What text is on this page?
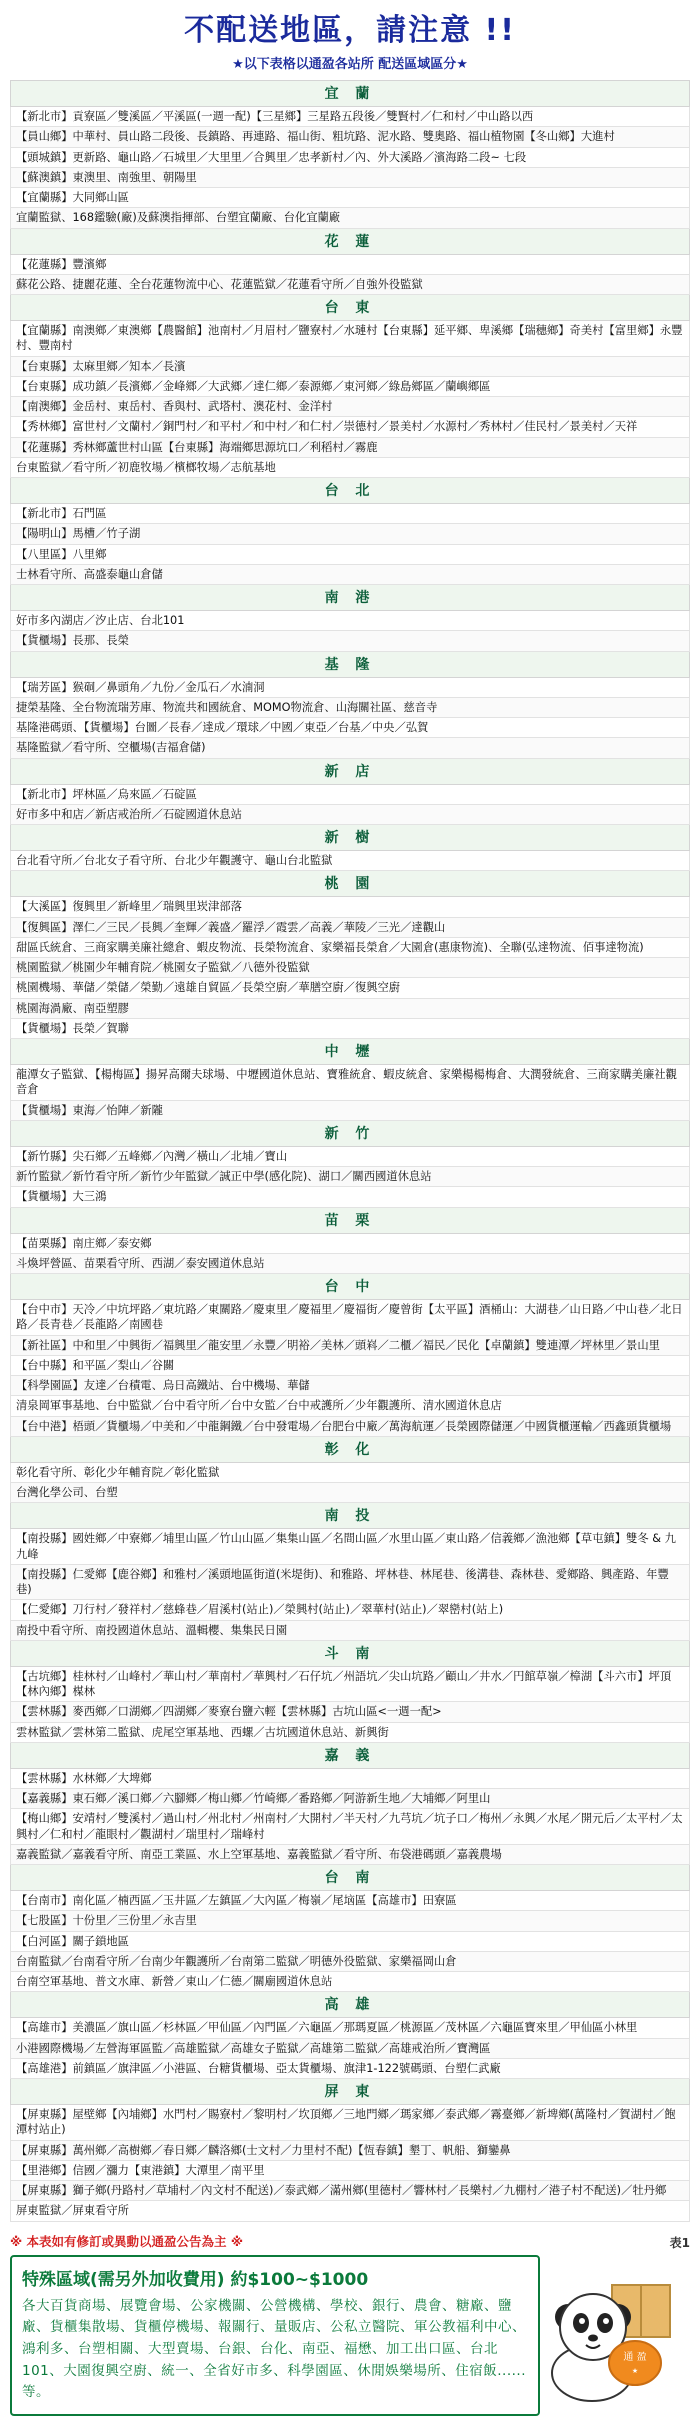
不配送地區，請注意 !!
★以下表格以通盈各站所 配送區域區分★
宜 蘭
【新北市】貢寮區／雙溪區／平溪區(一週一配)【三星鄉】三星路五段後／雙賢村／仁和村／中山路以西
【員山鄉】中華村、員山路二段後、長鎮路、再連路、福山街、粗坑路、泥水路、雙奧路、福山植物園【冬山鄉】大進村
【頭城鎮】更新路、龜山路／石城里／大里里／合興里／忠孝新村／內、外大溪路／濱海路二段~ 七段
【蘇澳鎮】東澳里、南強里、朝陽里
【宜蘭縣】大同鄉山區
宜蘭監獄、168鑑驗(廠)及蘇澳指揮部、台塑宜蘭廠、台化宜蘭廠
花 蓮
【花蓮縣】豐濱鄉
蘇花公路、捷麗花蓮、全台花蓮物流中心、花蓮監獄／花蓮看守所／自強外役監獄
台 東
【宜蘭縣】南澳鄉／東澳鄉【農醫館】池南村／月眉村／鹽寮村／水璉村【台東縣】延平鄉、卑溪鄉【瑞穗鄉】奇美村【富里鄉】永豐村、豐南村
【台東縣】太麻里鄉／知本／長濱
【台東縣】成功鎮／長濱鄉／金峰鄉／大武鄉／達仁鄉／泰源鄉／東河鄉／綠島鄉區／蘭嶼鄉區
【南澳鄉】金岳村、東岳村、香與村、武塔村、澳花村、金洋村
【秀林鄉】富世村／文蘭村／銅門村／和平村／和中村／和仁村／崇德村／景美村／水源村／秀林村／佳民村／景美村／天祥
【花蓮縣】秀林鄉蘆世村山區【台東縣】海端鄉思源坑口／利稻村／霧鹿
台東監獄／看守所／初鹿牧場／檳榔牧場／志航基地
台 北
【新北市】石門區
【陽明山】馬槽／竹子湖
【八里區】八里鄉
士林看守所、高盛泰龜山倉儲
南 港
好市多內湖店／汐止店、台北101
【貨櫃場】長那、長榮
基 隆
【瑞芳區】猴硐／鼻頭角／九份／金瓜石／水湳洞
捷榮基隆、全台物流瑞芳庫、物流共和國統倉、MOMO物流倉、山海關社區、慈音寺
基隆港碼頭、【貨櫃場】台圖／長春／達成／環球／中國／東亞／台基／中央／弘賀
基隆監獄／看守所、空櫃場(吉福倉儲)
新 店
【新北市】坪林區／烏來區／石碇區
好市多中和店／新店戒治所／石碇國道休息站
新 樹
台北看守所／台北女子看守所、台北少年觀護守、龜山台北監獄
桃 園
【大溪區】復興里／新峰里／瑞興里崁津部落
【復興區】澤仁／三民／長興／奎輝／義盛／羅浮／霞雲／高義／華陵／三光／達觀山
甜區氏統倉、三商家購美廉社總倉、蝦皮物流、長榮物流倉、家樂福長榮倉／大園倉(惠康物流)、全聯(弘達物流、佰事達物流)
桃園監獄／桃園少年輔育院／桃園女子監獄／八德外役監獄
桃園機場、華儲／榮儲／榮勤／遠雄自貿區／長榮空廚／華膳空廚／復興空廚
桃園海渦廠、南亞塑膠
【貨櫃場】長榮／賀聯
中 壢
龍潭女子監獄、【楊梅區】揚昇高爾夫球場、中壢國道休息站、寶雅統倉、蝦皮統倉、家樂楊楊梅倉、大潤發統倉、三商家購美廉社觀音倉
【貨櫃場】東海／怡陣／新隴
新 竹
【新竹縣】尖石鄉／五峰鄉／內灣／橫山／北埔／寶山
新竹監獄／新竹看守所／新竹少年監獄／誠正中學(感化院)、湖口／關西國道休息站
【貨櫃場】大三鴻
苗 栗
【苗栗縣】南庄鄉／泰安鄉
斗煥坪營區、苗栗看守所、西湖／泰安國道休息站
台 中
【台中市】天冷／中坑坪路／東坑路／東關路／慶東里／慶福里／慶福街／慶曾街【太平區】酒桶山：大湖巷／山日路／中山巷／北日路／長青巷／長龍路／南國巷
【新社區】中和里／中興街／福興里／龍安里／永豐／明裕／美林／頭嵙／二櫃／福民／民化【卓蘭鎮】雙連潭／坪林里／景山里
【台中縣】和平區／梨山／谷關
【科學園區】友達／台積電、烏日高鐵站、台中機場、華儲
清泉岡軍事基地、台中監獄／台中看守所／台中女監／台中戒護所／少年觀護所、清水國道休息店
【台中港】梧頭／貨櫃場／中美和／中龍鋼鐵／台中發電場／台肥台中廠／萬海航運／長榮國際儲運／中國貨櫃運輸／西鑫頭貨櫃場
彰 化
彰化看守所、彰化少年輔育院／彰化監獄
台灣化學公司、台塑
南 投
【南投縣】國姓鄉／中寮鄉／埔里山區／竹山山區／集集山區／名間山區／水里山區／東山路／信義鄉／漁池鄉【草屯鎮】雙冬 & 九九峰
【南投縣】仁愛鄉【鹿谷鄉】和雅村／溪頭地區街道(米堤街)、和雅路、坪林巷、林尾巷、後溝巷、森林巷、愛鄉路、興產路、年豐巷)
【仁愛鄉】刀行村／發祥村／慈蜂巷／眉溪村(站止)／榮興村(站止)／翠華村(站止)／翠巒村(站上)
南投中看守所、南投國道休息站、溫輯櫻、集集民日園
斗 南
【古坑鄉】桂林村／山峰村／華山村／華南村／華興村／石仔坑／州語坑／尖山坑路／顧山／井水／円館草嶺／樟湖【斗六市】坪頂【林內鄉】楳林
【雲林縣】麥西鄉／口湖鄉／四湖鄉／麥寮台鹽六輕【雲林縣】古坑山區<一週一配>
雲林監獄／雲林第二監獄、虎尾空軍基地、西螺／古坑國道休息站、新興街
嘉 義
【雲林縣】水林鄉／大埤鄉
【嘉義縣】東石鄉／溪口鄉／六腳鄉／梅山鄉／竹崎鄉／番路鄉／阿游新生地／大埔鄉／阿里山
【梅山鄉】安靖村／雙溪村／過山村／州北村／州南村／大開村／半天村／九芎坑／坑子口／梅州／永興／水尾／開元后／太平村／太興村／仁和村／龍眼村／觀湖村／瑞里村／瑞峰村
嘉義監獄／嘉義看守所、南亞工業區、水上空軍基地、嘉義監獄／看守所、布袋港碼頭／嘉義農場
台 南
【台南市】南化區／楠西區／玉井區／左鎮區／大內區／梅嶺／尾垴區【高雄市】田寮區
【七股區】十份里／三份里／永吉里
【白河區】關子鎖地區
台南監獄／台南看守所／台南少年觀護所／台南第二監獄／明德外役監獄、家樂福岡山倉
台南空軍基地、普文水庫、新營／東山／仁德／關廟國道休息站
高 雄
【高雄市】美濃區／旗山區／杉林區／甲仙區／內門區／六龜區／那瑪夏區／桃源區／茂林區／六龜區寶來里／甲仙區小林里
小港國際機場／左營海軍區監／高雄監獄／高雄女子監獄／高雄第二監獄／高雄戒治所／寶灣區
【高雄港】前鎮區／旗津區／小港區、台糖貨櫃場、亞太貨櫃場、旗津1-122號碼頭、台塑仁武廠
屏 東
【屏東縣】屋壁鄉【內埔鄉】水門村／賜寮村／黎明村／坎頂鄉／三地門鄉／瑪家鄉／泰武鄉／霧臺鄉／新埤鄉(萬隆村／賀湖村／飽潭村站止)
【屏東縣】萬州鄉／高樹鄉／春日鄉／麟洛鄉(士文村／力里村不配)【恆春鎮】墾丁、帆船、獅鑾鼻
【里港鄉】信國／瀰力【東港鎮】大潭里／南平里
【屏東縣】獅子鄉(丹路村／草埔村／內文村不配送)／泰武鄉／滿州鄉(里德村／響林村／長樂村／九棚村／港子村不配送)／牡丹鄉
屏東監獄／屏東看守所
※ 本表如有修訂或異動以通盈公告為主 ※	表1
特殊區域(需另外加收費用) 約$100~$1000
各大百貨商場、展覽會場、公家機關、公營機構、學校、銀行、農會、糖廠、鹽廠、貨櫃集散場、貨櫃停機場、報關行、量販店、公私立醫院、軍公教福利中心、鴻利多、台塑相關、大型賣場、台銀、台化、南亞、福懋、加工出口區、台北101、大園復興空廚、統一、全省好市多、科學園區、休閒娛樂場所、住宿飯......等。
通 盈
★
